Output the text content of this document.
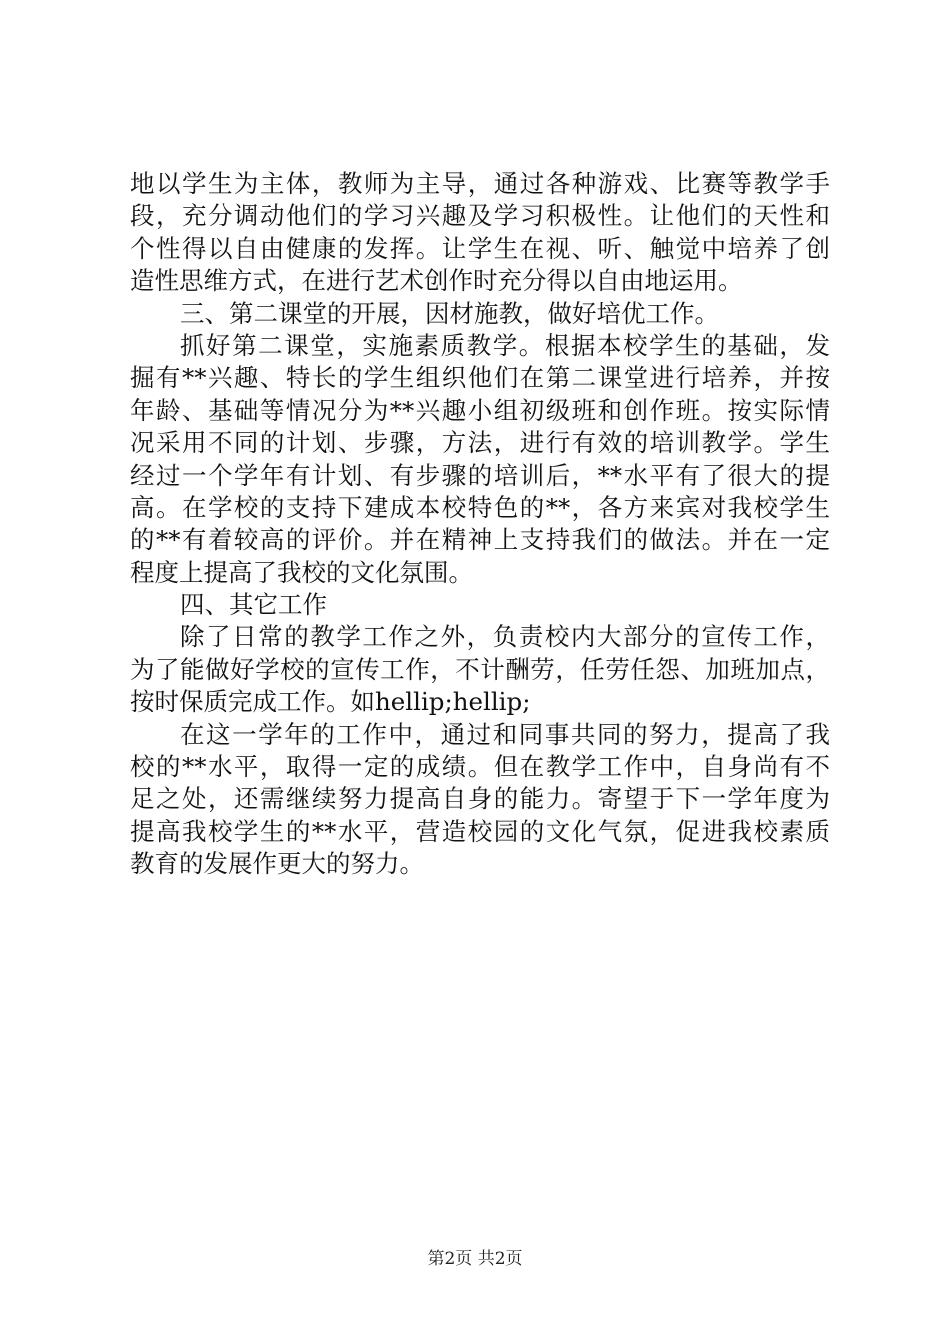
地以学生为主体，教师为主导，通过各种游戏、比赛等教学手
段，充分调动他们的学习兴趣及学习积极性。让他们的天性和
个性得以自由健康的发挥。让学生在视、听、触觉中培养了创
造性思维方式，在进行艺术创作时充分得以自由地运用。
三、第二课堂的开展，因材施教，做好培优工作。
抓好第二课堂，实施素质教学。根据本校学生的基础，发
掘有**兴趣、特长的学生组织他们在第二课堂进行培养，并按
年龄、基础等情况分为**兴趣小组初级班和创作班。按实际情
况采用不同的计划、步骤，方法，进行有效的培训教学。学生
经过一个学年有计划、有步骤的培训后，**水平有了很大的提
高。在学校的支持下建成本校特色的**，各方来宾对我校学生
的**有着较高的评价。并在精神上支持我们的做法。并在一定
程度上提高了我校的文化氛围。
四、其它工作
除了日常的教学工作之外，负责校内大部分的宣传工作，
为了能做好学校的宣传工作，不计酬劳，任劳任怨、加班加点，
按时保质完成工作。如hellip;hellip;
在这一学年的工作中，通过和同事共同的努力，提高了我
校的**水平，取得一定的成绩。但在教学工作中，自身尚有不
足之处，还需继续努力提高自身的能力。寄望于下一学年度为
提高我校学生的**水平，营造校园的文化气氛，促进我校素质
教育的发展作更大的努力。
第2页 共2页
